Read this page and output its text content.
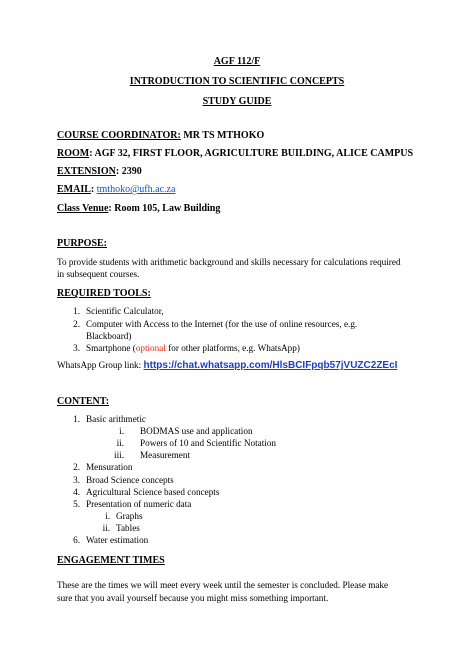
AGF 112/F
INTRODUCTION TO SCIENTIFIC CONCEPTS
STUDY GUIDE
COURSE COORDINATOR: MR TS MTHOKO
ROOM: AGF 32, FIRST FLOOR, AGRICULTURE BUILDING, ALICE CAMPUS
EXTENSION: 2390
EMAIL: tmthoko@ufh.ac.za
Class Venue: Room 105, Law Building
PURPOSE:
To provide students with arithmetic background and skills necessary for calculations required
in subsequent courses.
REQUIRED TOOLS:
1. Scientific Calculator,
2. Computer with Access to the Internet (for the use of online resources, e.g.
Blackboard)
3. Smartphone (optional for other platforms, e.g. WhatsApp)
WhatsApp Group link: https://chat.whatsapp.com/HlsBCIFpqb57jVUZC2ZEcI
CONTENT:
1. Basic arithmetic
i. BODMAS use and application
ii. Powers of 10 and Scientific Notation
iii. Measurement
2. Mensuration
3. Broad Science concepts
4. Agricultural Science based concepts
5. Presentation of numeric data
i. Graphs
ii. Tables
6. Water estimation
ENGAGEMENT TIMES
These are the times we will meet every week until the semester is concluded. Please make
sure that you avail yourself because you might miss something important.
